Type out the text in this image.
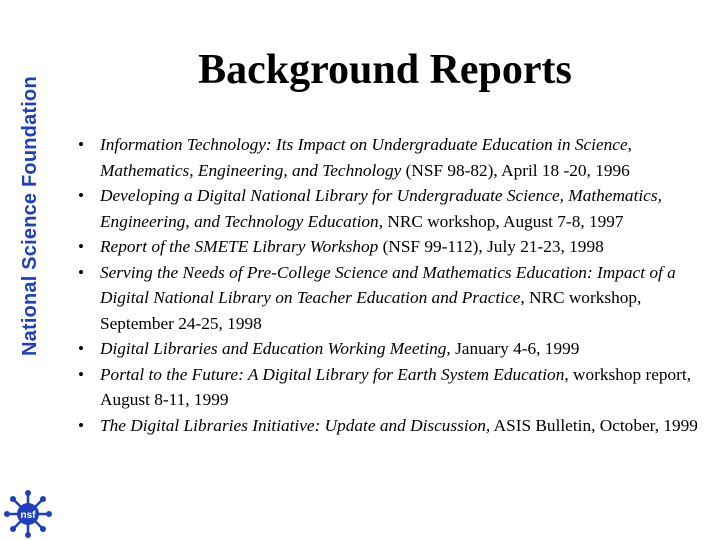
National Science Foundation
nsf
Background Reports
• Information Technology: Its Impact on Undergraduate Education in Science, Mathematics, Engineering, and Technology (NSF 98-82), April 18 -20, 1996
• Developing a Digital National Library for Undergraduate Science, Mathematics, Engineering, and Technology Education, NRC workshop, August 7-8, 1997
• Report of the SMETE Library Workshop (NSF 99-112), July 21-23, 1998
• Serving the Needs of Pre-College Science and Mathematics Education: Impact of a Digital National Library on Teacher Education and Practice, NRC workshop, September 24-25, 1998
• Digital Libraries and Education Working Meeting, January 4-6, 1999
• Portal to the Future: A Digital Library for Earth System Education, workshop report, August 8-11, 1999
• The Digital Libraries Initiative: Update and Discussion, ASIS Bulletin, October, 1999
